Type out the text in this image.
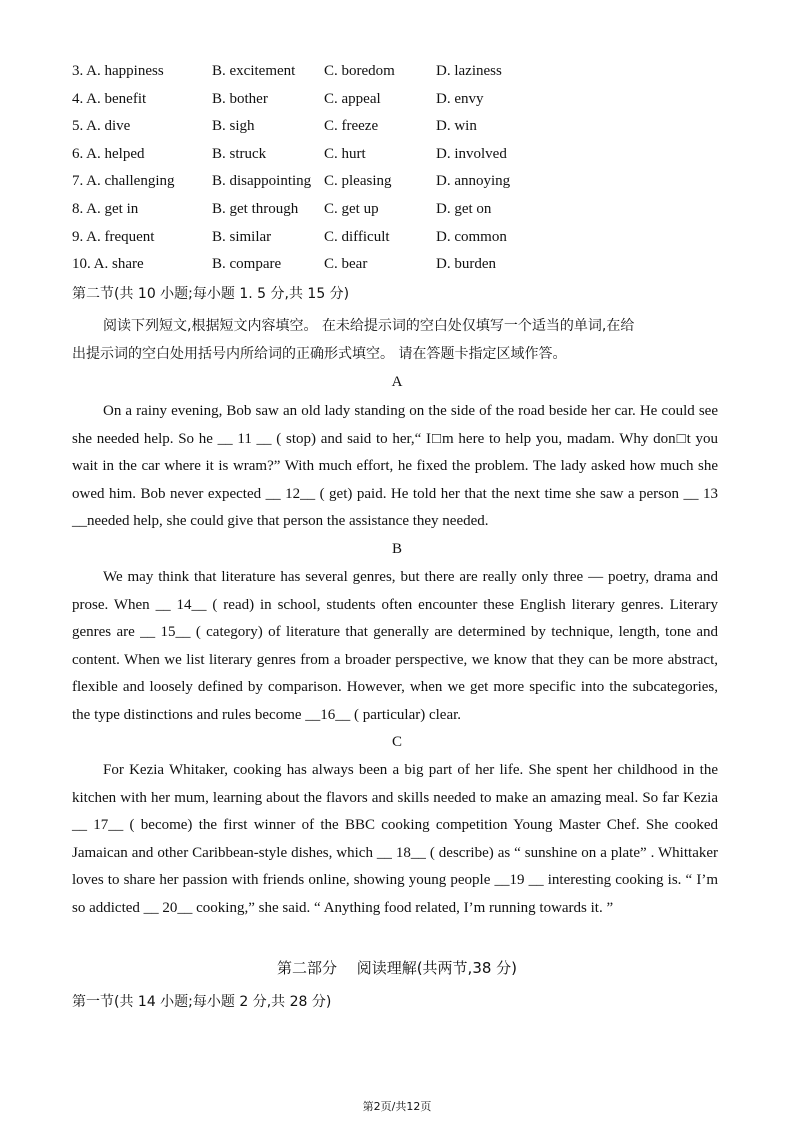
3. A. happiness	B. excitement C. boredom	D. laziness
4. A. benefit	B. bother	C. appeal	D. envy
5. A. dive	B. sigh	C. freeze	D. win
6. A. helped	B. struck	C. hurt	D. involved
7. A. challenging	B. disappointing C. pleasing	D. annoying
8. A. get in	B. get through C. get up	D. get on
9. A. frequent	B. similar	C. difficult	D. common
10. A. share	B. compare	C. bear	D. burden
第二节(共 10 小题;每小题 1. 5 分,共 15 分)
阅读下列短文,根据短文内容填空。 在未给提示词的空白处仅填写一个适当的单词,在给
出提示词的空白处用括号内所给词的正确形式填空。 请在答题卡指定区域作答。
A

On a rainy evening, Bob saw an old lady standing on the side of the road beside her car. He could see she needed help. So he __ 11 __ ( stop) and said to her,“ I□m here to help you, madam. Why don□t you wait in the car where it is wram?” With much effort, he fixed the problem. The lady asked how much she owed him. Bob never expected __ 12__ ( get) paid. He told her that the next time she saw a person __ 13 __needed help, she could give that person the assistance they needed.

B

We may think that literature has several genres, but there are really only three — poetry, drama and prose. When __ 14__ ( read) in school, students often encounter these English literary genres. Literary genres are __ 15__ ( category) of literature that generally are determined by technique, length, tone and content. When we list literary genres from a broader perspective, we know that they can be more abstract, flexible and loosely defined by comparison. However, when we get more specific into the subcategories, the type distinctions and rules become __16__ ( particular) clear.

C

For Kezia Whitaker, cooking has always been a big part of her life. She spent her childhood in the kitchen with her mum, learning about the flavors and skills needed to make an amazing meal. So far Kezia __ 17__ ( become) the first winner of the BBC cooking competition Young Master Chef. She cooked Jamaican and other Caribbean-style dishes, which __ 18__ ( describe) as “ sunshine on a plate” . Whittaker loves to share her passion with friends online, showing young people __19 __ interesting cooking is. “ I’m so addicted __ 20__ cooking,” she said. “ Anything food related, I’m running towards it. ”

第二部分　 阅读理解(共两节,38 分)
第一节(共 14 小题;每小题 2 分,共 28 分)
第2页/共12页
